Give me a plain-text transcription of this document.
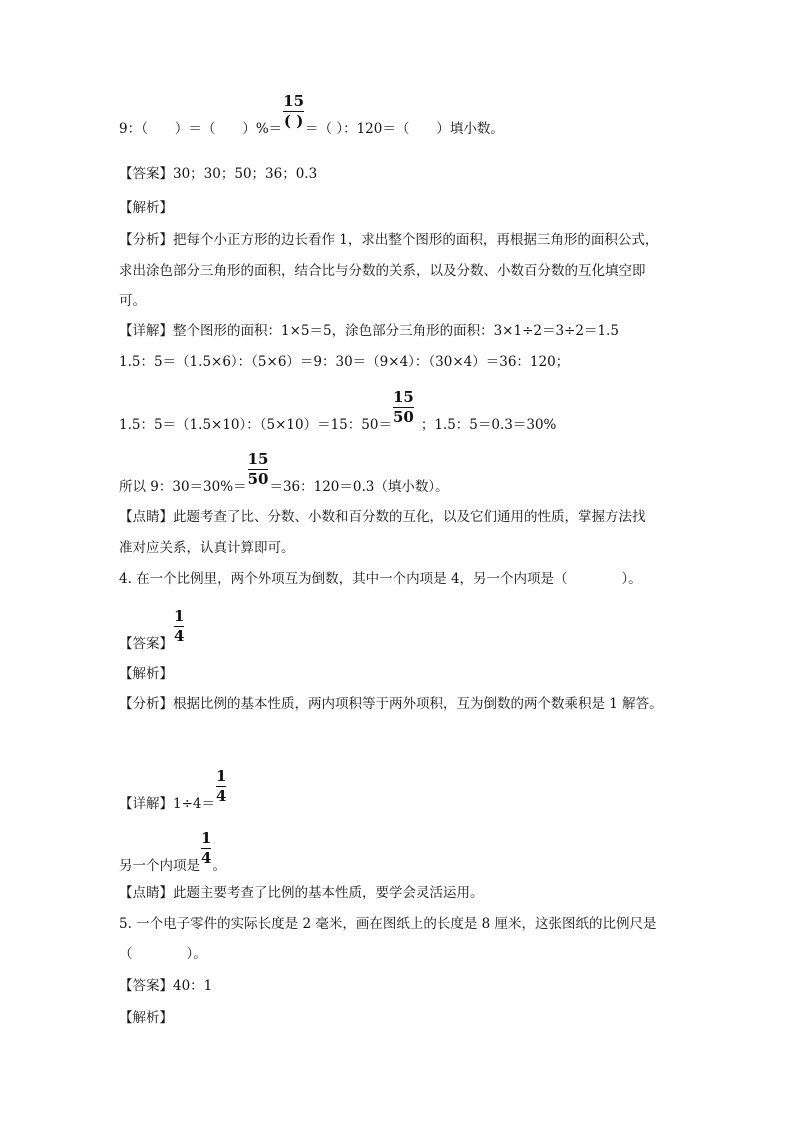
9：（　　）＝（　　）%＝ $\frac{15}{( )}$ ＝（ ）：120＝（　　）填小数。
【答案】30；30；50；36；0.3
【解析】
【分析】把每个小正方形的边长看作 1，求出整个图形的面积，再根据三角形的面积公式，
求出涂色部分三角形的面积，结合比与分数的关系，以及分数、小数百分数的互化填空即
可。
【详解】整个图形的面积：1×5＝5，涂色部分三角形的面积：3×1÷2＝3÷2＝1.5
1.5：5＝（1.5×6）：（5×6）＝9：30＝（9×4）：（30×4）＝36：120；
1.5：5＝（1.5×10）：（5×10）＝15：$50= \frac{15}{50}$ ；1.5：5＝0.3＝30%
所以 9：$30=30\%= \frac{15}{50} =36$：120＝0.3（填小数）。
【点睛】此题考查了比、分数、小数和百分数的互化，以及它们通用的性质，掌握方法找
准对应关系，认真计算即可。
4. 在一个比例里，两个外项互为倒数，其中一个内项是 4，另一个内项是（　　　　）。
【答案】 $\frac{1}{4}$
【解析】
【分析】根据比例的基本性质，两内项积等于两外项积，互为倒数的两个数乘积是 1 解答。
【详解】$1\div 4= \frac{1}{4}$
另一个内项是 $\frac{1}{4}$ 。
【点睛】此题主要考查了比例的基本性质，要学会灵活运用。
5. 一个电子零件的实际长度是 2 毫米，画在图纸上的长度是 8 厘米，这张图纸的比例尺是
（　　　　）。
【答案】40：1
【解析】
